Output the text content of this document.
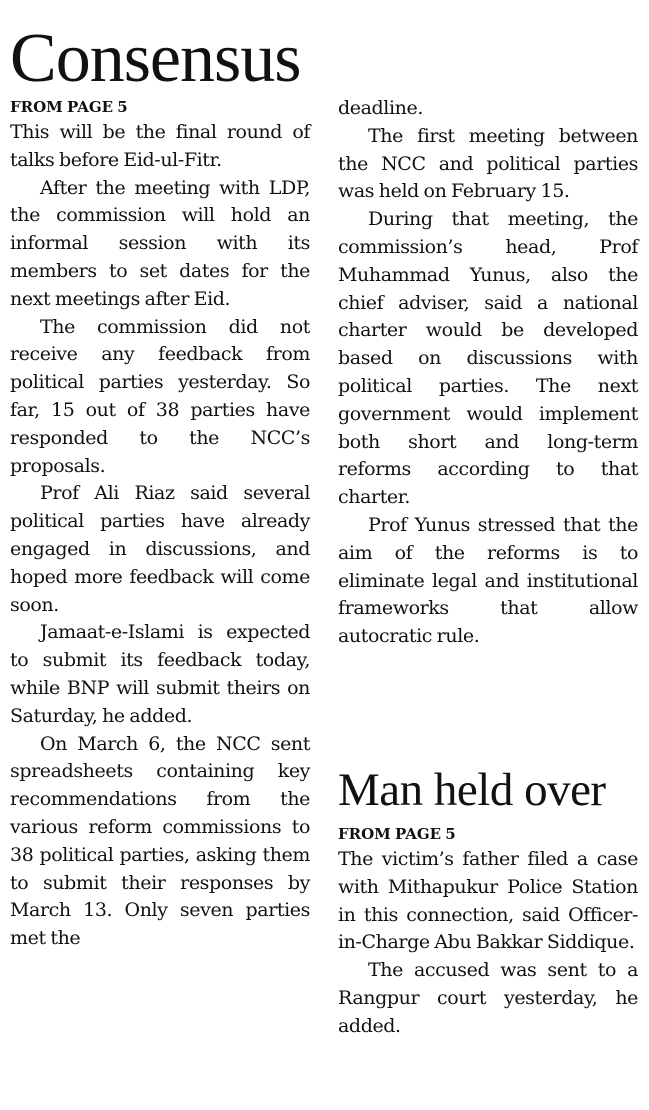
Consensus
FROM PAGE 5

This will be the final round of talks before Eid-ul-Fitr.

After the meeting with LDP, the commission will hold an informal session with its members to set dates for the next meetings after Eid.

The commission did not receive any feedback from political parties yesterday. So far, 15 out of 38 parties have responded to the NCC’s proposals.

Prof Ali Riaz said several political parties have already engaged in discussions, and hoped more feedback will come soon.

Jamaat-e-Islami is expected to submit its feedback today, while BNP will submit theirs on Saturday, he added.

On March 6, the NCC sent spreadsheets containing key recommendations from the various reform commissions to 38 political parties, asking them to submit their responses by March 13. Only seven parties met the

deadline.

The first meeting between the NCC and political parties was held on February 15.

During that meeting, the commission’s head, Prof Muhammad Yunus, also the chief adviser, said a national charter would be developed based on discussions with political parties. The next government would implement both short and long-term reforms according to that charter.

Prof Yunus stressed that the aim of the reforms is to eliminate legal and institutional frameworks that allow autocratic rule.

Man held over
FROM PAGE 5

The victim’s father filed a case with Mithapukur Police Station in this connection, said Officer-in-Charge Abu Bakkar Siddique.

The accused was sent to a Rangpur court yesterday, he added.
